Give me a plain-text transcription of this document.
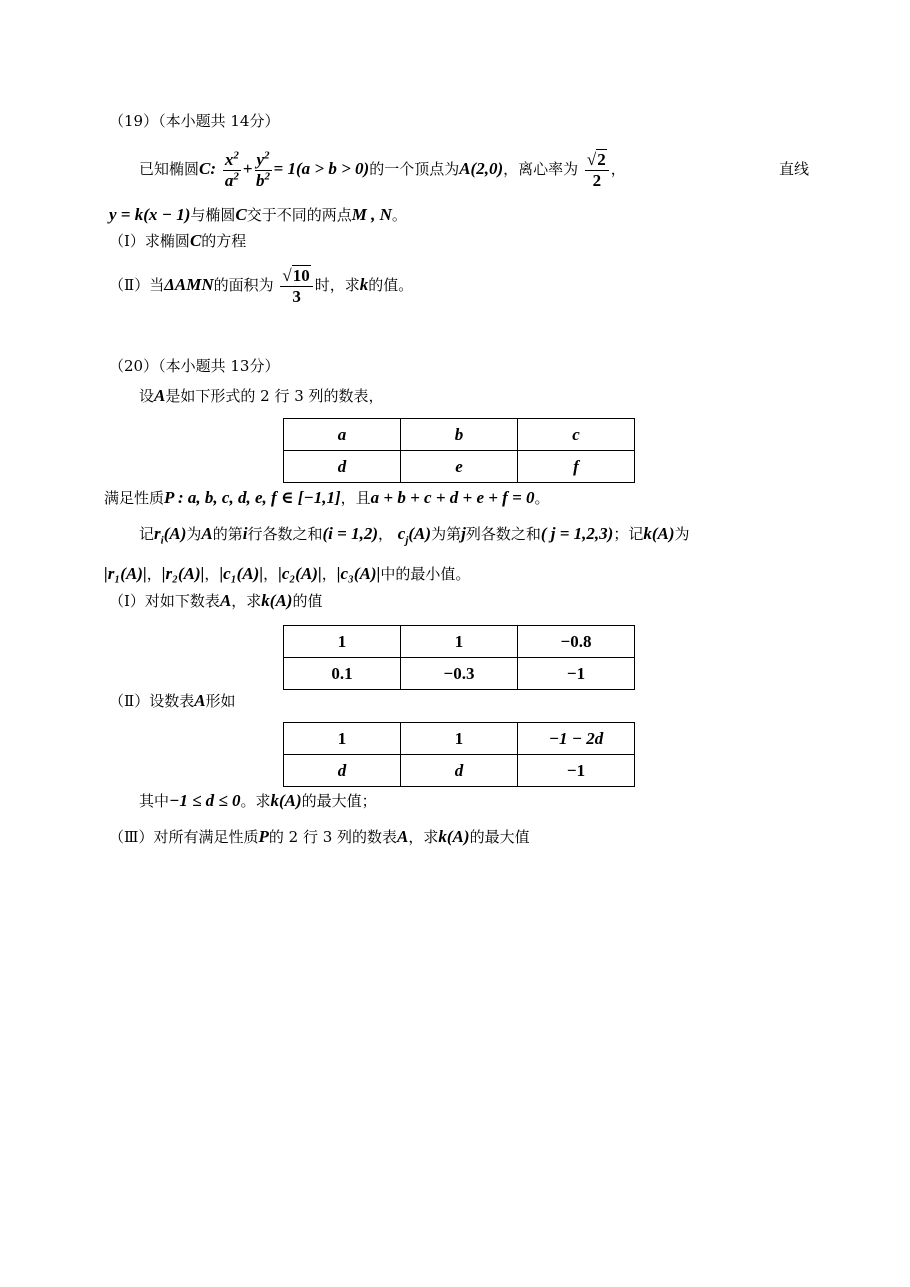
（19）（本小题共 14分）
已知椭圆C: $\frac{x^2}{a^2} + \frac{y^2}{b^2} = 1(a > b > 0)$的一个顶点为A(2,0)，离心率为 $\frac{√2}{2}$ ，	直线
y = k(x − 1)与椭圆C交于不同的两点M , N。
（Ⅰ）求椭圆C的方程
（Ⅱ）当ΔAMN的面积为 $\frac{√10}{3}$ 时，求k的值。
（20）（本小题共 13分）
设A是如下形式的 2 行 3 列的数表，
a	b	c
d	e	f
满足性质P : a, b, c, d, e, f ∈ [−1,1]，且a + b + c + d + e + f = 0。
记$r_i(A)$为A的第i行各数之和(i = 1,2)， $c_j(A)$为第j列各数之和( j = 1,2,3)；记k(A)为
|r₁(A)|，|r₂(A)|，|c₁(A)|，|c₂(A)|，|c₃(A)|中的最小值。
（Ⅰ）对如下数表A，求k(A)的值
1	1	−0.8
0.1	−0.3	−1
（Ⅱ）设数表A形如
1	1	−1 − 2d
d	d	−1
其中−1 ≤ d ≤ 0。求k(A)的最大值；
（Ⅲ）对所有满足性质P的 2 行 3 列的数表A，求k(A)的最大值
